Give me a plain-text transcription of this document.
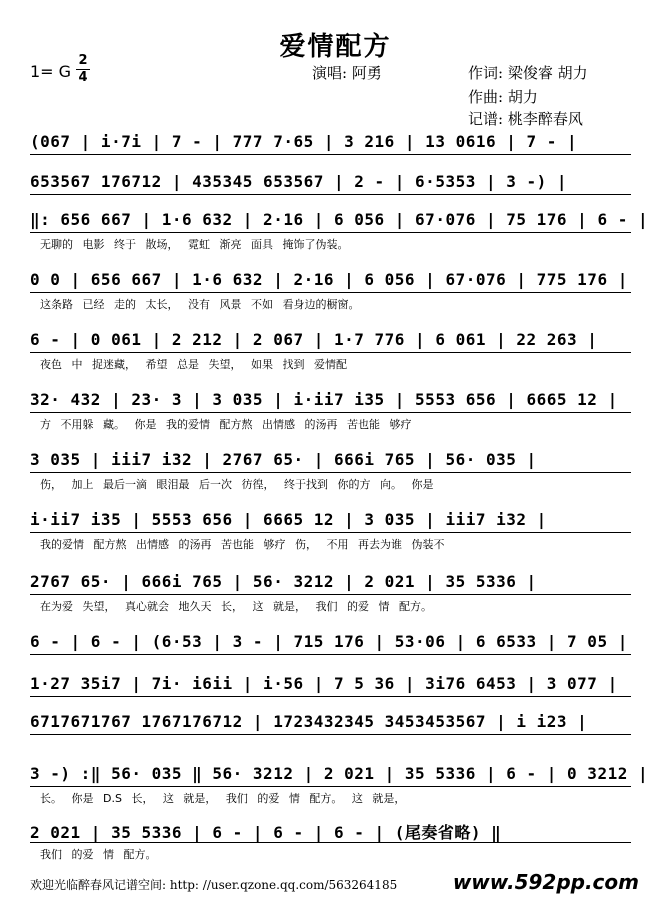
爱情配方
1= G
2
4	演唱: 阿勇	作词: 梁俊睿 胡力
作曲: 胡力
记谱: 桃李醉春风
(067 | i·7i | 7 - | 777 7·65 | 3 216 | 13 0616 | 7 - |
653567 176712 | 435345 653567 | 2 - | 6·5353 | 3 -) |
‖: 656 667 | 1·6 632 | 2·16 | 6 056 | 67·076 | 75 176 | 6 - |
无聊的 电影 终于 散场， 霓虹 渐亮 面具 掩饰了伪装。
0 0 | 656 667 | 1·6 632 | 2·16 | 6 056 | 67·076 | 775 176 |
这条路 已经 走的 太长， 没有 风景 不如 看身边的橱窗。
6 - | 0 061 | 2 212 | 2 067 | 1·7 776 | 6 061 | 22 263 |
夜色 中 捉迷藏， 希望 总是 失望， 如果 找到 爱情配
32· 432 | 23· 3 | 3 035 | i·ii7 i35 | 5553 656 | 6665 12 |
方 不用躲 藏。 你是 我的爱情 配方熬 出情感 的汤再 苦也能 够疗
3 035 | iii7 i32 | 2767 65· | 666i 765 | 56· 035 |
伤， 加上 最后一滴 眼泪最 后一次 彷徨， 终于找到 你的方 向。 你是
i·ii7 i35 | 5553 656 | 6665 12 | 3 035 | iii7 i32 |
我的爱情 配方熬 出情感 的汤再 苦也能 够疗 伤， 不用 再去为谁 伪装不
2767 65· | 666i 765 | 56· 3212 | 2 021 | 35 5336 |
在为爱 失望， 真心就会 地久天 长， 这 就是， 我们 的爱 情 配方。
6 - | 6 - | (6·53 | 3 - | 715 176 | 53·06 | 6 6533 | 7 05 |
1·27 35i7 | 7i· i6ii | i·56 | 7 5 36 | 3i76 6453 | 3 077 |
6717671767 1767176712 | 1723432345 3453453567 | i i23 |
3 -) :‖ 56· 035 ‖ 56· 3212 | 2 021 | 35 5336 | 6 - | 0 3212 |
长。 你是 D.S 长， 这 就是， 我们 的爱 情 配方。 这 就是，
2 021 | 35 5336 | 6 - | 6 - | 6 - | (尾奏省略) ‖
我们 的爱 情 配方。
欢迎光临醉春风记谱空间: http: //user.qzone.qq.com/563264185	www.592pp.com
